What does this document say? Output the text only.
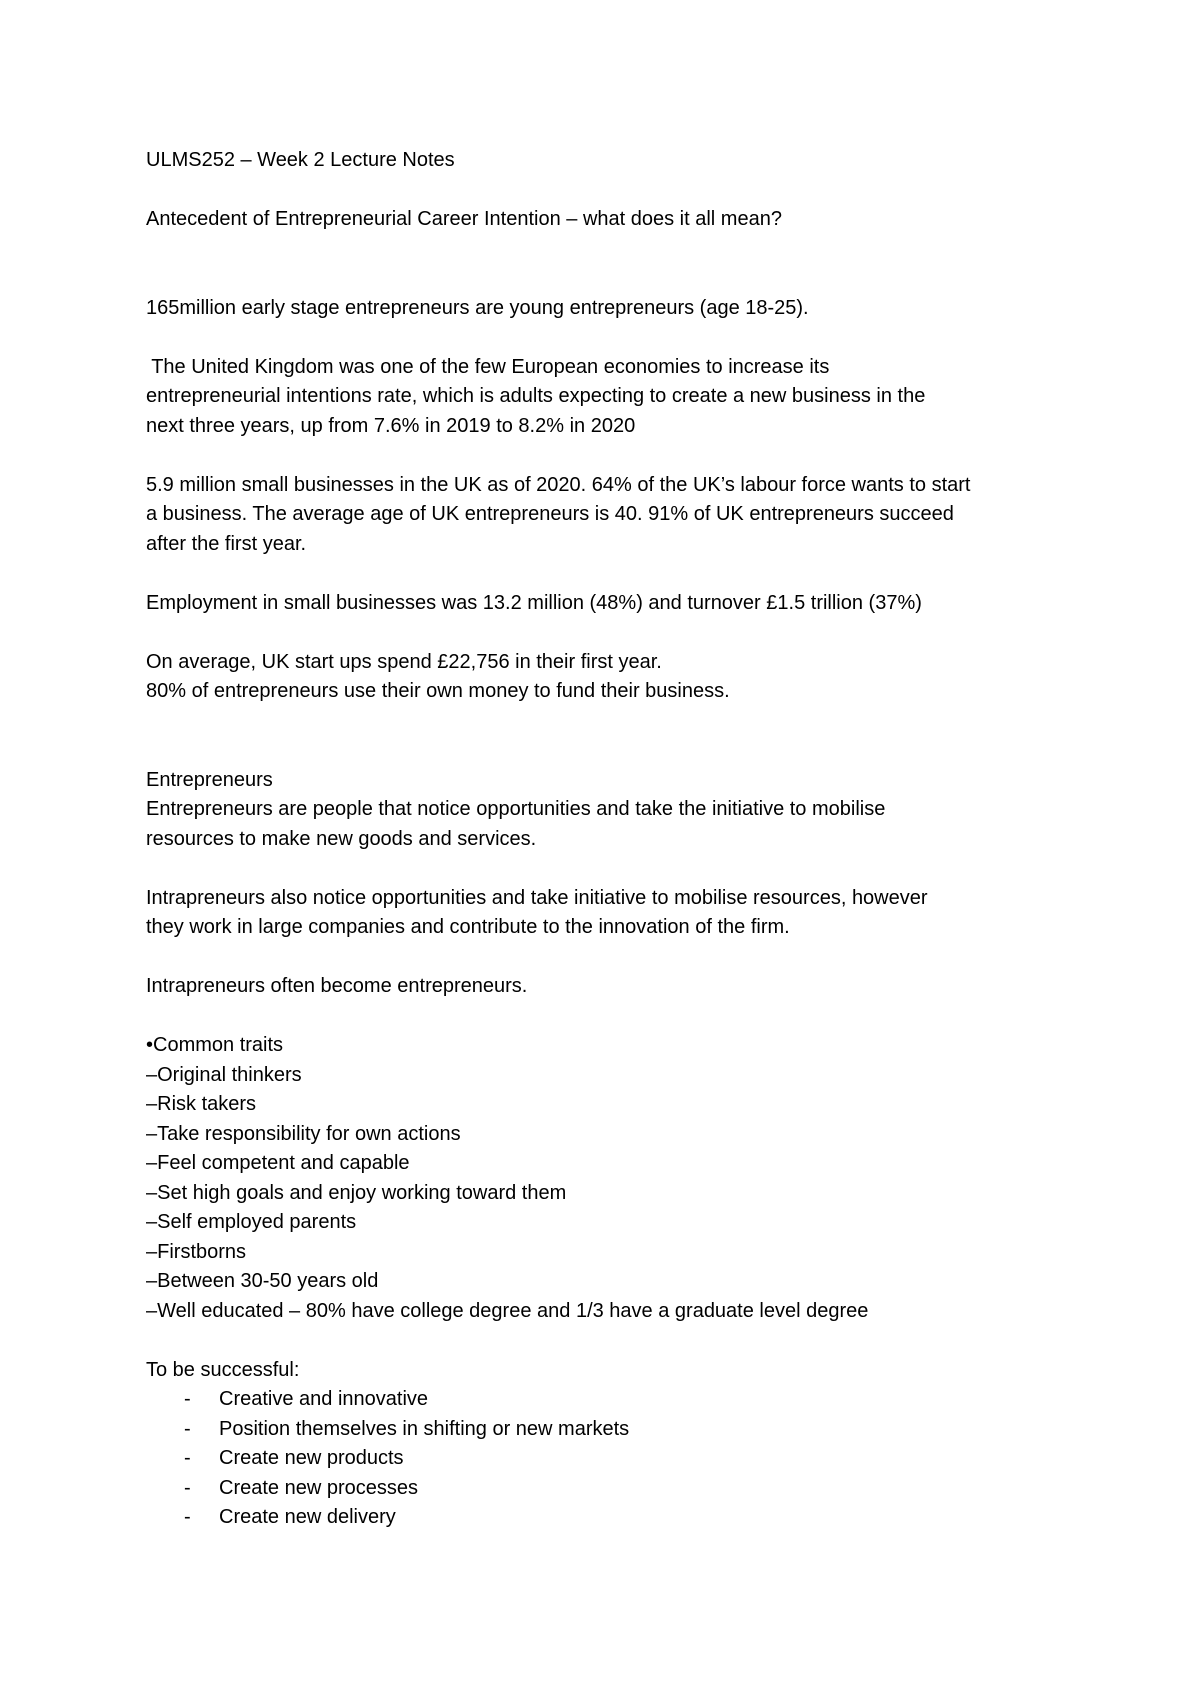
ULMS252 – Week 2 Lecture Notes
Antecedent of Entrepreneurial Career Intention – what does it all mean?
165million early stage entrepreneurs are young entrepreneurs (age 18-25).
The United Kingdom was one of the few European economies to increase its
entrepreneurial intentions rate, which is adults expecting to create a new business in the
next three years, up from 7.6% in 2019 to 8.2% in 2020
5.9 million small businesses in the UK as of 2020. 64% of the UK’s labour force wants to start
a business. The average age of UK entrepreneurs is 40. 91% of UK entrepreneurs succeed
after the first year.
Employment in small businesses was 13.2 million (48%) and turnover £1.5 trillion (37%)
On average, UK start ups spend £22,756 in their first year.
80% of entrepreneurs use their own money to fund their business.
Entrepreneurs
Entrepreneurs are people that notice opportunities and take the initiative to mobilise
resources to make new goods and services.
Intrapreneurs also notice opportunities and take initiative to mobilise resources, however
they work in large companies and contribute to the innovation of the firm.
Intrapreneurs often become entrepreneurs.
•Common traits
–Original thinkers
–Risk takers
–Take responsibility for own actions
–Feel competent and capable
–Set high goals and enjoy working toward them
–Self employed parents
–Firstborns
–Between 30-50 years old
–Well educated – 80% have college degree and 1/3 have a graduate level degree
To be successful:
-	Creative and innovative
-	Position themselves in shifting or new markets
-	Create new products
-	Create new processes
-	Create new delivery
